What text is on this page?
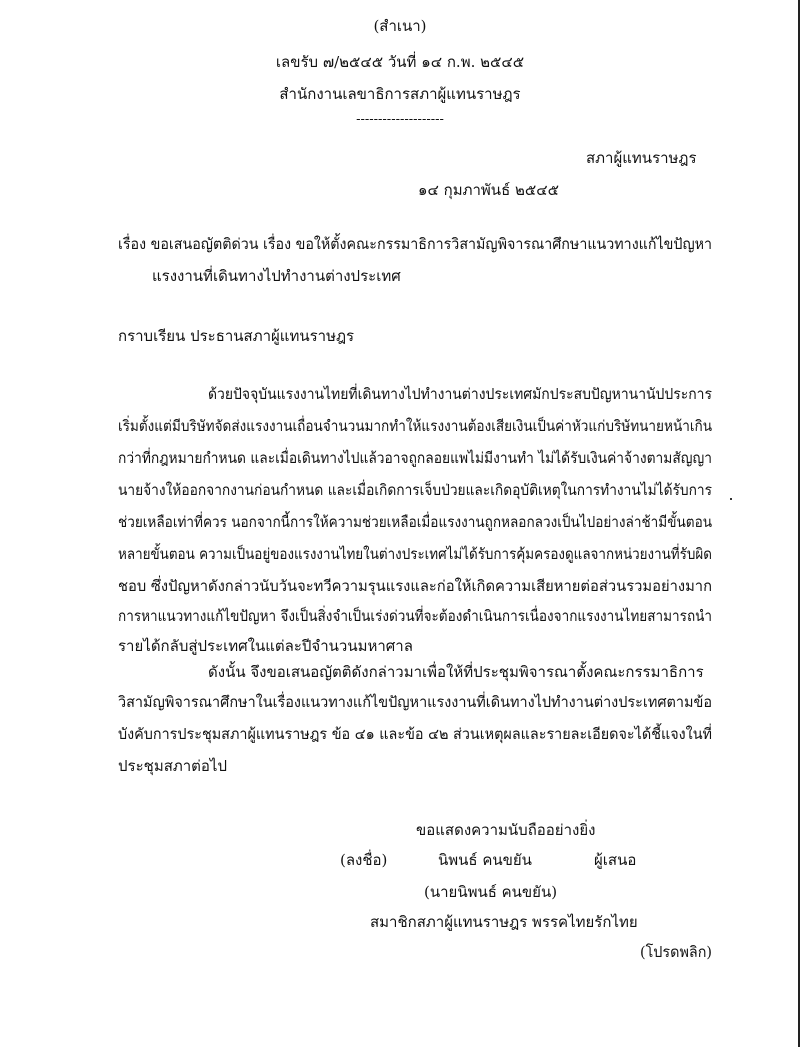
(สำเนา)
เลขรับ ๗/๒๕๔๕ วันที่ ๑๔ ก.พ. ๒๕๔๕
สำนักงานเลขาธิการสภาผู้แทนราษฎร
--------------------
สภาผู้แทนราษฎร
๑๔ กุมภาพันธ์ ๒๕๔๕
เรื่อง ขอเสนอญัตติด่วน เรื่อง ขอให้ตั้งคณะกรรมาธิการวิสามัญพิจารณาศึกษาแนวทางแก้ไขปัญหา
แรงงานที่เดินทางไปทำงานต่างประเทศ
กราบเรียน ประธานสภาผู้แทนราษฎร
ด้วยปัจจุบันแรงงานไทยที่เดินทางไปทำงานต่างประเทศมักประสบปัญหานานัปประการ
เริ่มตั้งแต่มีบริษัทจัดส่งแรงงานเถื่อนจำนวนมากทำให้แรงงานต้องเสียเงินเป็นค่าหัวแก่บริษัทนายหน้าเกิน
กว่าที่กฎหมายกำหนด และเมื่อเดินทางไปแล้วอาจถูกลอยแพไม่มีงานทำ ไม่ได้รับเงินค่าจ้างตามสัญญา
นายจ้างให้ออกจากงานก่อนกำหนด และเมื่อเกิดการเจ็บป่วยและเกิดอุบัติเหตุในการทำงานไม่ได้รับการ
ช่วยเหลือเท่าที่ควร นอกจากนี้การให้ความช่วยเหลือเมื่อแรงงานถูกหลอกลวงเป็นไปอย่างล่าช้ามีขั้นตอน
หลายขั้นตอน ความเป็นอยู่ของแรงงานไทยในต่างประเทศไม่ได้รับการคุ้มครองดูแลจากหน่วยงานที่รับผิด
ชอบ ซึ่งปัญหาดังกล่าวนับวันจะทวีความรุนแรงและก่อให้เกิดความเสียหายต่อส่วนรวมอย่างมาก
การหาแนวทางแก้ไขปัญหา จึงเป็นสิ่งจำเป็นเร่งด่วนที่จะต้องดำเนินการเนื่องจากแรงงานไทยสามารถนำ
รายได้กลับสู่ประเทศในแต่ละปีจำนวนมหาศาล
ดังนั้น จึงขอเสนอญัตติดังกล่าวมาเพื่อให้ที่ประชุมพิจารณาตั้งคณะกรรมาธิการ
วิสามัญพิจารณาศึกษาในเรื่องแนวทางแก้ไขปัญหาแรงงานที่เดินทางไปทำงานต่างประเทศตามข้อ
บังคับการประชุมสภาผู้แทนราษฎร ข้อ ๔๑ และข้อ ๔๒ ส่วนเหตุผลและรายละเอียดจะได้ชี้แจงในที่
ประชุมสภาต่อไป
ขอแสดงความนับถืออย่างยิ่ง
(ลงชื่อ)	นิพนธ์ คนขยัน	ผู้เสนอ
(นายนิพนธ์ คนขยัน)
สมาชิกสภาผู้แทนราษฎร พรรคไทยรักไทย
(โปรดพลิก)
